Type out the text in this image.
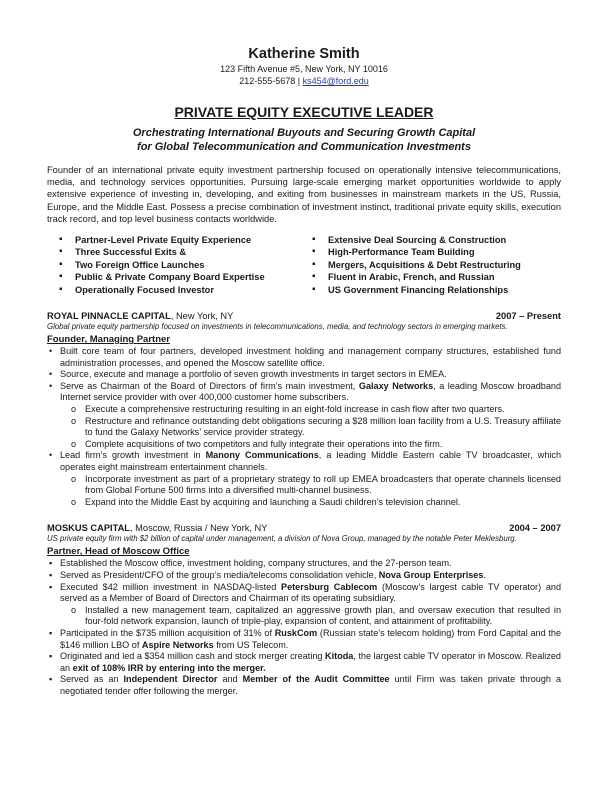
Katherine Smith
123 Fifth Avenue #5, New York, NY 10016
212-555-5678 | ks454@ford.edu
PRIVATE EQUITY EXECUTIVE LEADER
Orchestrating International Buyouts and Securing Growth Capital
for Global Telecommunication and Communication Investments
Founder of an international private equity investment partnership focused on operationally intensive telecommunications, media, and technology services opportunities. Pursuing large-scale emerging market opportunities worldwide to apply extensive experience of investing in, developing, and exiting from businesses in mainstream markets in the US, Russia, Europe, and the Middle East. Possess a precise combination of investment instinct, traditional private equity skills, execution track record, and top level business contacts worldwide.
▪ Partner-Level Private Equity Experience
▪ Three Successful Exits &
▪ Two Foreign Office Launches
▪ Public & Private Company Board Expertise
▪ Operationally Focused Investor
▪ Extensive Deal Sourcing & Construction
▪ High-Performance Team Building
▪ Mergers, Acquisitions & Debt Restructuring
▪ Fluent in Arabic, French, and Russian
▪ US Government Financing Relationships
ROYAL PINNACLE CAPITAL, New York, NY	2007 – Present
Global private equity partnership focused on investments in telecommunications, media, and technology sectors in emerging markets.
Founder, Managing Partner
• Built core team of four partners, developed investment holding and management company structures, established fund administration processes, and opened the Moscow satellite office.
• Source, execute and manage a portfolio of seven growth investments in target sectors in EMEA.
• Serve as Chairman of the Board of Directors of firm’s main investment, Galaxy Networks, a leading Moscow broadband Internet service provider with over 400,000 customer home subscribers.
o Execute a comprehensive restructuring resulting in an eight-fold increase in cash flow after two quarters.
o Restructure and refinance outstanding debt obligations securing a $28 million loan facility from a U.S. Treasury affiliate to fund the Galaxy Networks’ service provider strategy.
o Complete acquisitions of two competitors and fully integrate their operations into the firm.
• Lead firm’s growth investment in Manony Communications, a leading Middle Eastern cable TV broadcaster, which operates eight mainstream entertainment channels.
o Incorporate investment as part of a proprietary strategy to roll up EMEA broadcasters that operate channels licensed from Global Fortune 500 firms into a diversified multi-channel business.
o Expand into the Middle East by acquiring and launching a Saudi children’s television channel.
MOSKUS CAPITAL, Moscow, Russia / New York, NY	2004 – 2007
US private equity firm with $2 billion of capital under management, a division of Nova Group, managed by the notable Peter Meklesburg.
Partner, Head of Moscow Office
▪ Established the Moscow office, investment holding, company structures, and the 27-person team.
▪ Served as President/CFO of the group’s media/telecoms consolidation vehicle, Nova Group Enterprises.
▪ Executed $42 million investment in NASDAQ-listed Petersburg Cablecom (Moscow’s largest cable TV operator) and served as a Member of Board of Directors and Chairman of its operating subsidiary.
o Installed a new management team, capitalized an aggressive growth plan, and oversaw execution that resulted in four-fold network expansion, launch of triple-play, expansion of content, and attainment of profitability.
▪ Participated in the $735 million acquisition of 31% of RuskCom (Russian state’s telecom holding) from Ford Capital and the $146 million LBO of Aspire Networks from US Telecom.
▪ Originated and led a $354 million cash and stock merger creating Kitoda, the largest cable TV operator in Moscow. Realized an exit of 108% IRR by entering into the merger.
▪ Served as an Independent Director and Member of the Audit Committee until Firm was taken private through a negotiated tender offer following the merger.
